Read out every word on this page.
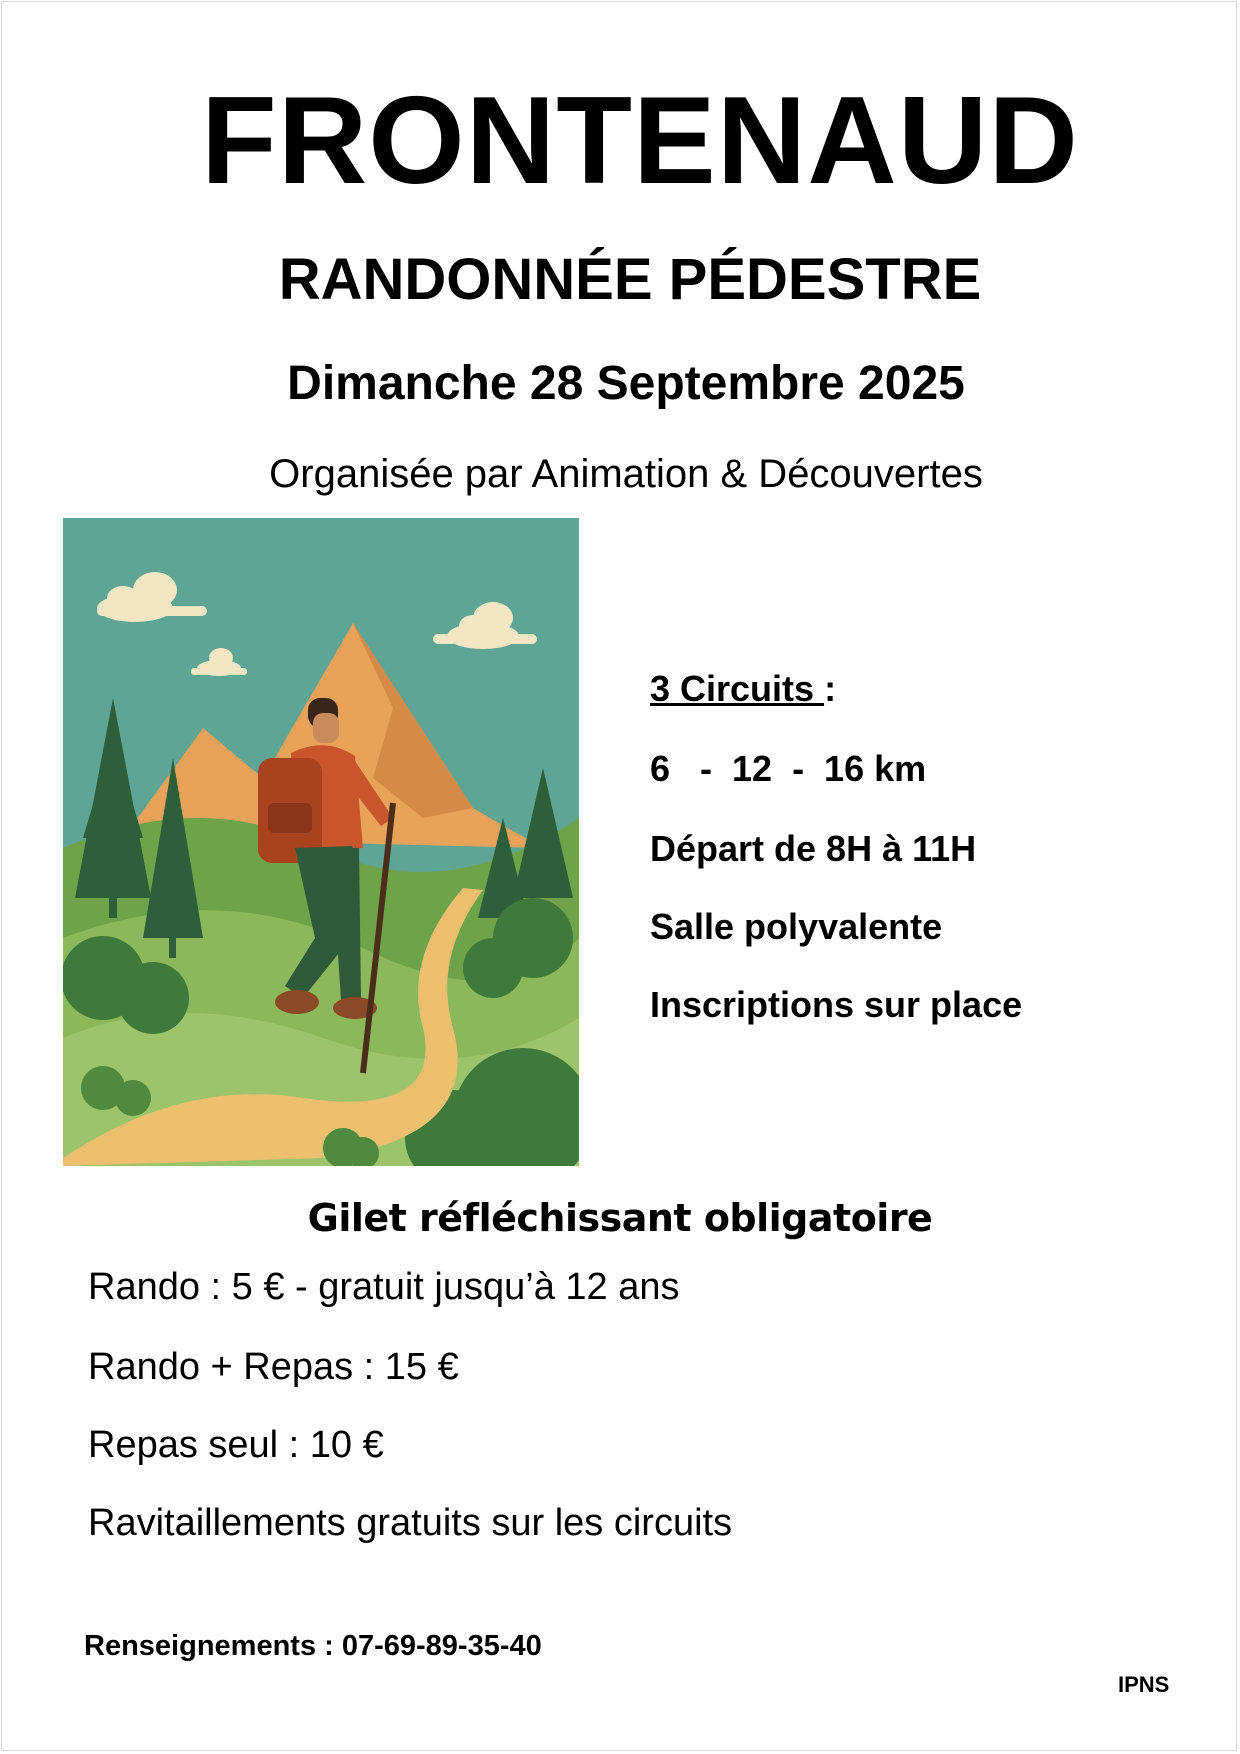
FRONTENAUD
RANDONNÉE PÉDESTRE
Dimanche 28 Septembre 2025
Organisée par Animation & Découvertes
3 Circuits :
6   -  12  -  16 km
Départ de 8H à 11H
Salle polyvalente
Inscriptions sur place
Gilet réfléchissant obligatoire
Rando : 5 € - gratuit jusqu’à 12 ans
Rando + Repas : 15 €
Repas seul : 10 €
Ravitaillements gratuits sur les circuits
Renseignements : 07-69-89-35-40
IPNS
